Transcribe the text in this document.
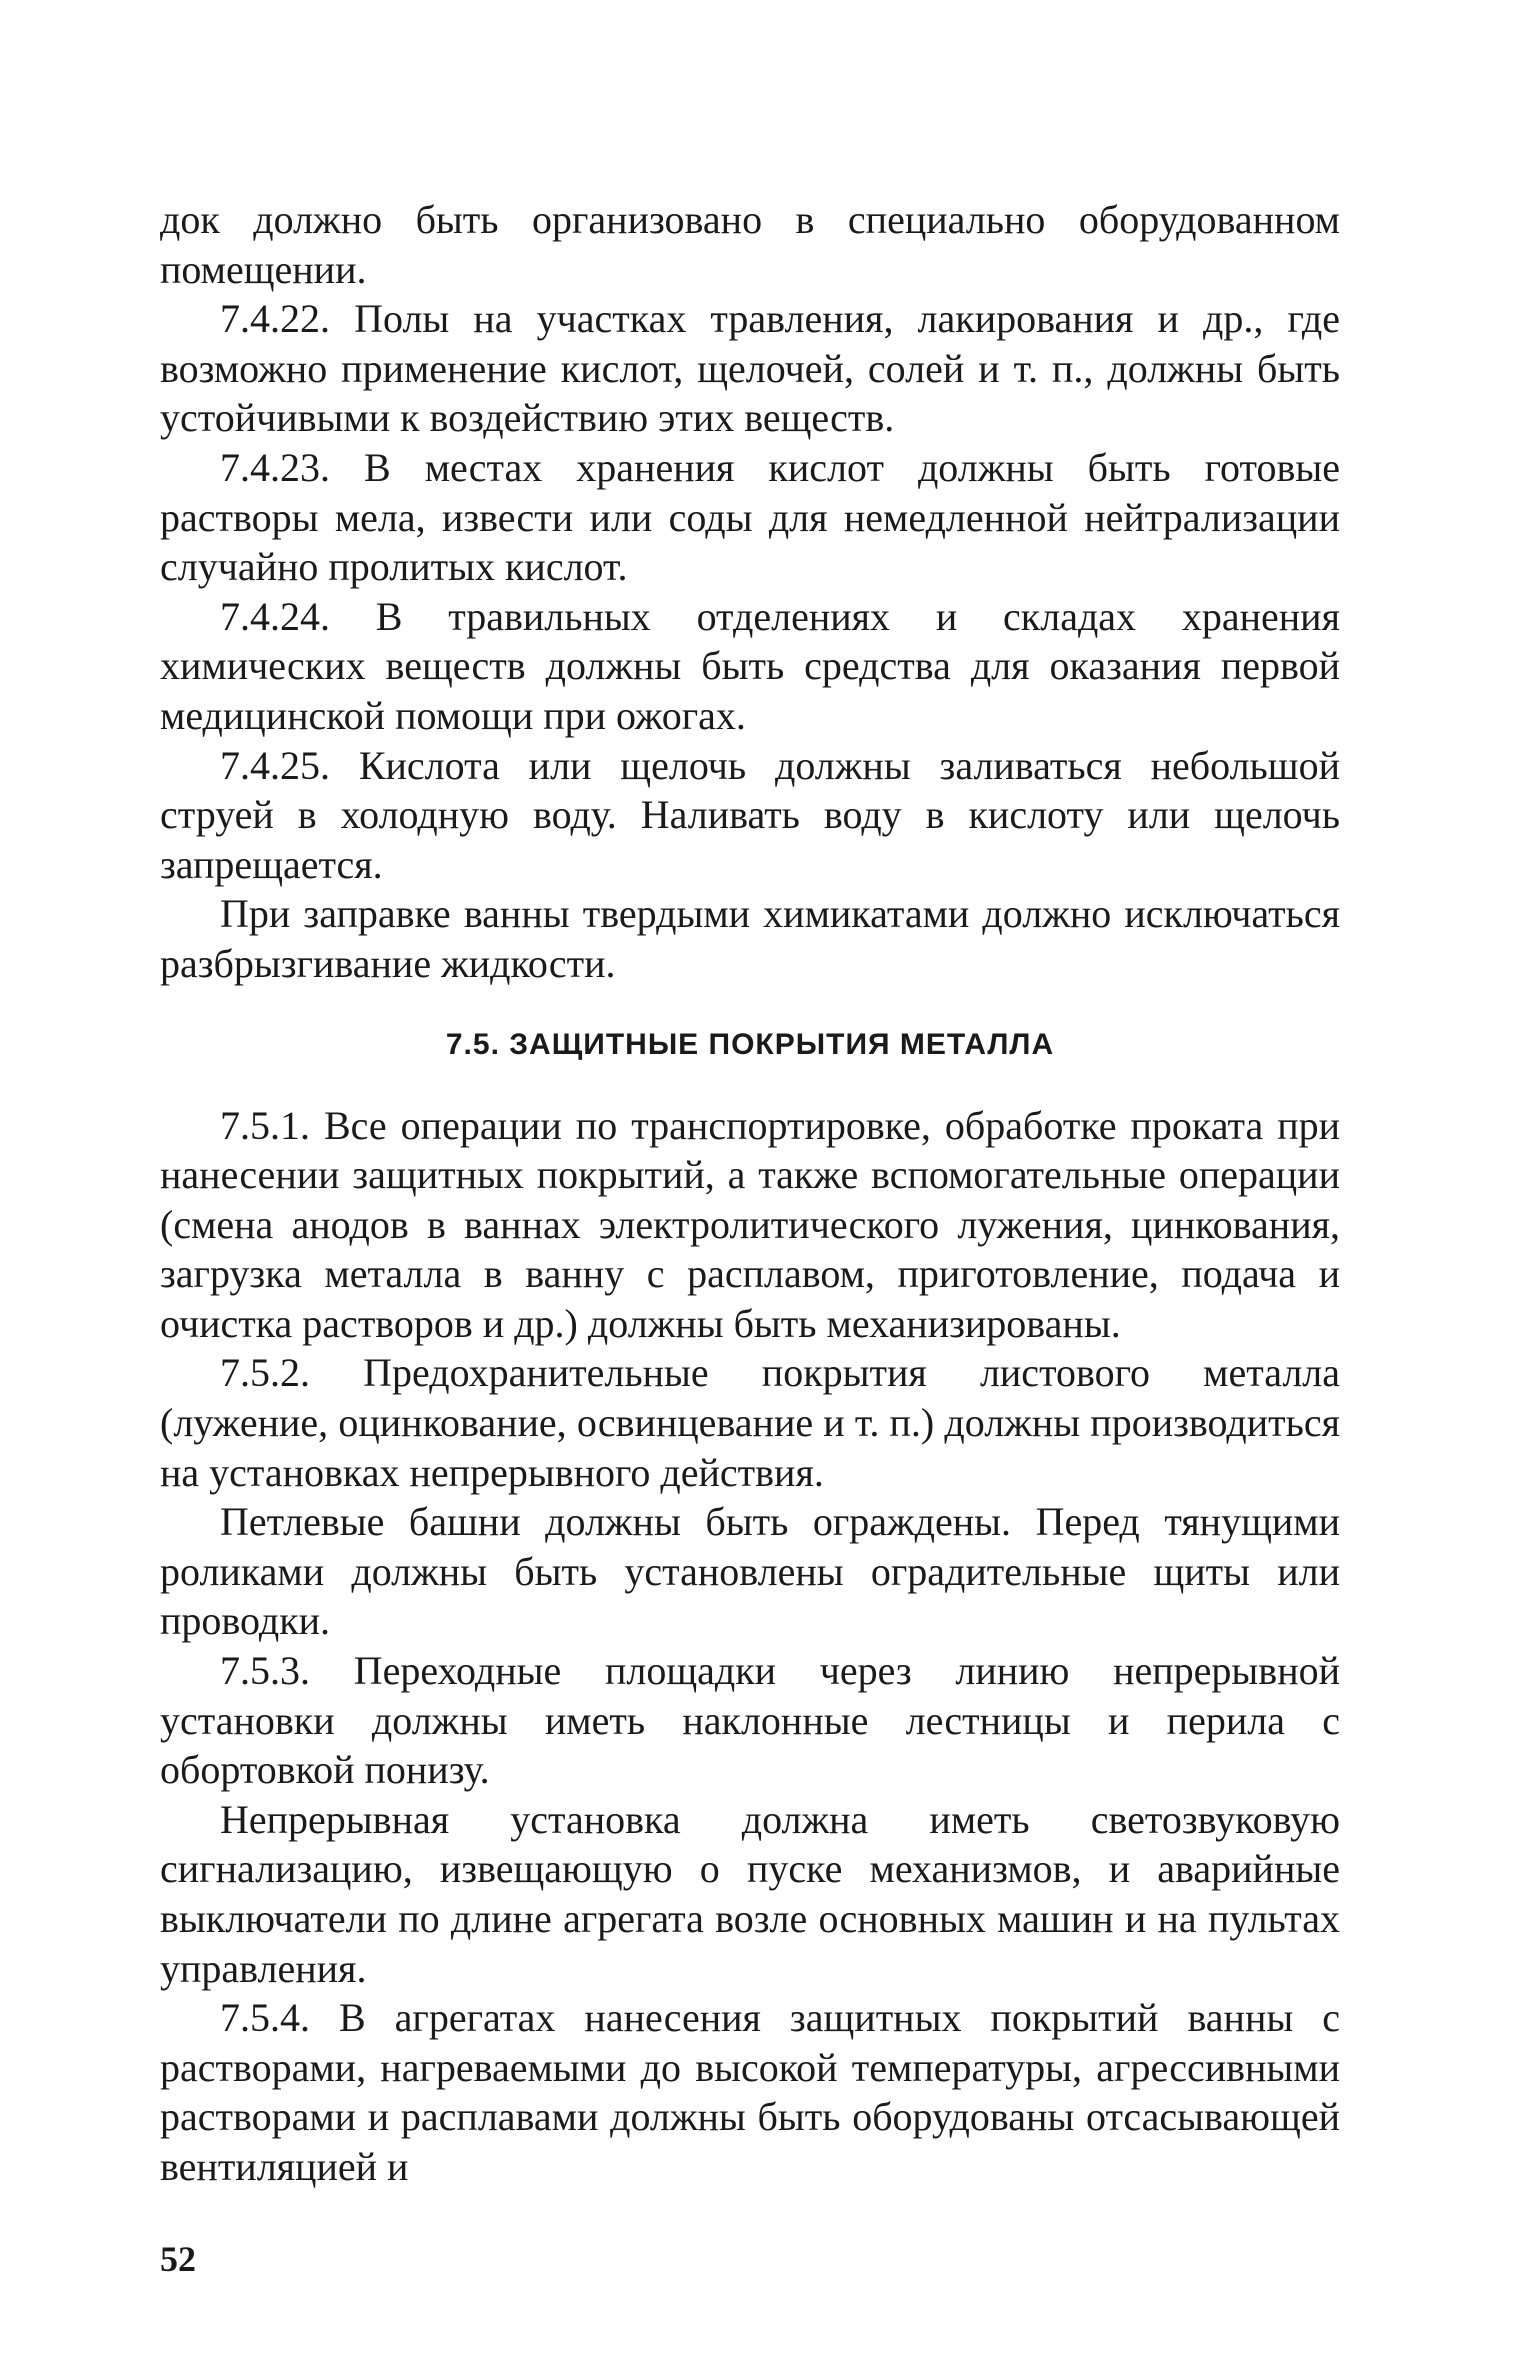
док должно быть организовано в специально оборудованном помещении.

7.4.22. Полы на участках травления, лакирования и др., где возможно применение кислот, щелочей, солей и т. п., должны быть устойчивыми к воздействию этих веществ.

7.4.23. В местах хранения кислот должны быть готовые растворы мела, извести или соды для немедленной нейтрализации случайно пролитых кислот.

7.4.24. В травильных отделениях и складах хранения химических веществ должны быть средства для оказания первой медицинской помощи при ожогах.

7.4.25. Кислота или щелочь должны заливаться небольшой струей в холодную воду. Наливать воду в кислоту или щелочь запрещается.

При заправке ванны твердыми химикатами должно исключаться разбрызгивание жидкости.

7.5. ЗАЩИТНЫЕ ПОКРЫТИЯ МЕТАЛЛА

7.5.1. Все операции по транспортировке, обработке проката при нанесении защитных покрытий, а также вспомогательные операции (смена анодов в ваннах электролитического лужения, цинкования, загрузка металла в ванну с расплавом, приготовление, подача и очистка растворов и др.) должны быть механизированы.

7.5.2. Предохранительные покрытия листового металла (лужение, оцинкование, освинцевание и т. п.) должны производиться на установках непрерывного действия.

Петлевые башни должны быть ограждены. Перед тянущими роликами должны быть установлены оградительные щиты или проводки.

7.5.3. Переходные площадки через линию непрерывной установки должны иметь наклонные лестницы и перила с обортовкой понизу.

Непрерывная установка должна иметь светозвуковую сигнализацию, извещающую о пуске механизмов, и аварийные выключатели по длине агрегата возле основных машин и на пультах управления.

7.5.4. В агрегатах нанесения защитных покрытий ванны с растворами, нагреваемыми до высокой температуры, агрессивными растворами и расплавами должны быть оборудованы отсасывающей вентиляцией и

52
